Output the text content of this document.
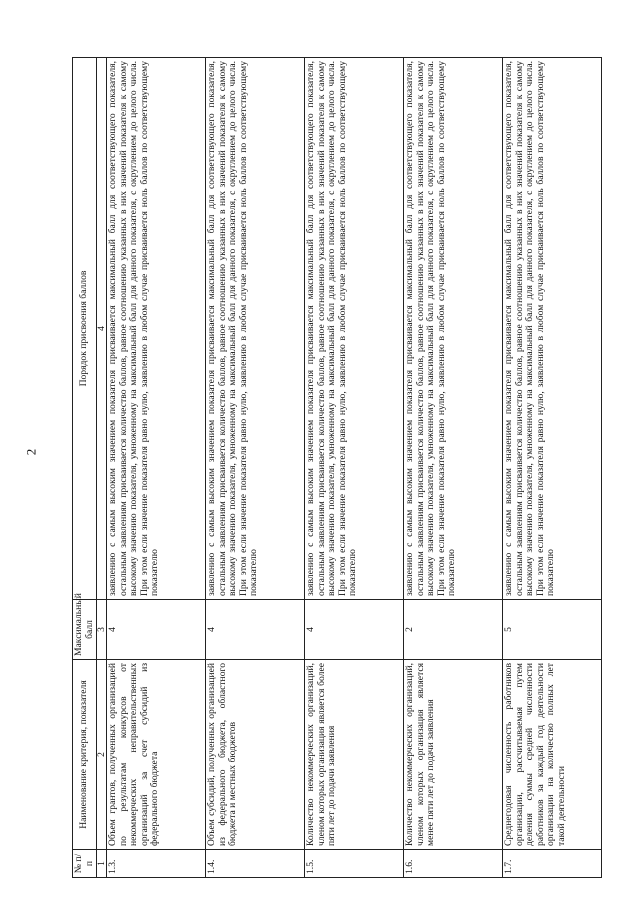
2
№ п/п	Наименование критерия, показателя	Максимальный балл	Порядок присвоения баллов
1	2	3	4
1.3.	Объем грантов, полученных организацией по результатам конкурсов от некоммерческих неправительственных организаций за счет субсидий из федерального бюджета	4	заявлению с самым высоким значением показателя присваивается максимальный балл для соответствующего показателя, остальным заявлениям присваивается количество баллов, равное соотношению указанных в них значений показателя к самому высокому значению показателя, умноженному на максимальный балл для данного показателя, с округлением до целого числа. При этом если значение показателя равно нулю, заявлению в любом случае присваивается ноль баллов по соответствующему показателю
1.4.	Объем субсидий, полученных организацией из федерального бюджета, областного бюджета и местных бюджетов	4	заявлению с самым высоким значением показателя присваивается максимальный балл для соответствующего показателя, остальным заявлениям присваивается количество баллов, равное соотношению указанных в них значений показателя к самому высокому значению показателя, умноженному на максимальный балл для данного показателя, с округлением до целого числа. При этом если значение показателя равно нулю, заявлению в любом случае присваивается ноль баллов по соответствующему показателю
1.5.	Количество некоммерческих организаций, членом которых организация является более пяти лет до подачи заявления	4	заявлению с самым высоким значением показателя присваивается максимальный балл для соответствующего показателя, остальным заявлениям присваивается количество баллов, равное соотношению указанных в них значений показателя к самому высокому значению показателя, умноженному на максимальный балл для данного показателя, с округлением до целого числа. При этом если значение показателя равно нулю, заявлению в любом случае присваивается ноль баллов по соответствующему показателю
1.6.	Количество некоммерческих организаций, членом которых организация является менее пяти лет до подачи заявления	2	заявлению с самым высоким значением показателя присваивается максимальный балл для соответствующего показателя, остальным заявлениям присваивается количество баллов, равное соотношению указанных в них значений показателя к самому высокому значению показателя, умноженному на максимальный балл для данного показателя, с округлением до целого числа. При этом если значение показателя равно нулю, заявлению в любом случае присваивается ноль баллов по соответствующему показателю
1.7.	Среднегодовая численность работников организации, рассчитываемая путем деления суммы средней численности работников за каждый год деятельности организации на количество полных лет такой деятельности	5	заявлению с самым высоким значением показателя присваивается максимальный балл для соответствующего показателя, остальным заявлениям присваивается количество баллов, равное соотношению указанных в них значений показателя к самому высокому значению показателя, умноженному на максимальный балл для данного показателя, с округлением до целого числа. При этом если значение показателя равно нулю, заявлению в любом случае присваивается ноль баллов по соответствующему показателю
